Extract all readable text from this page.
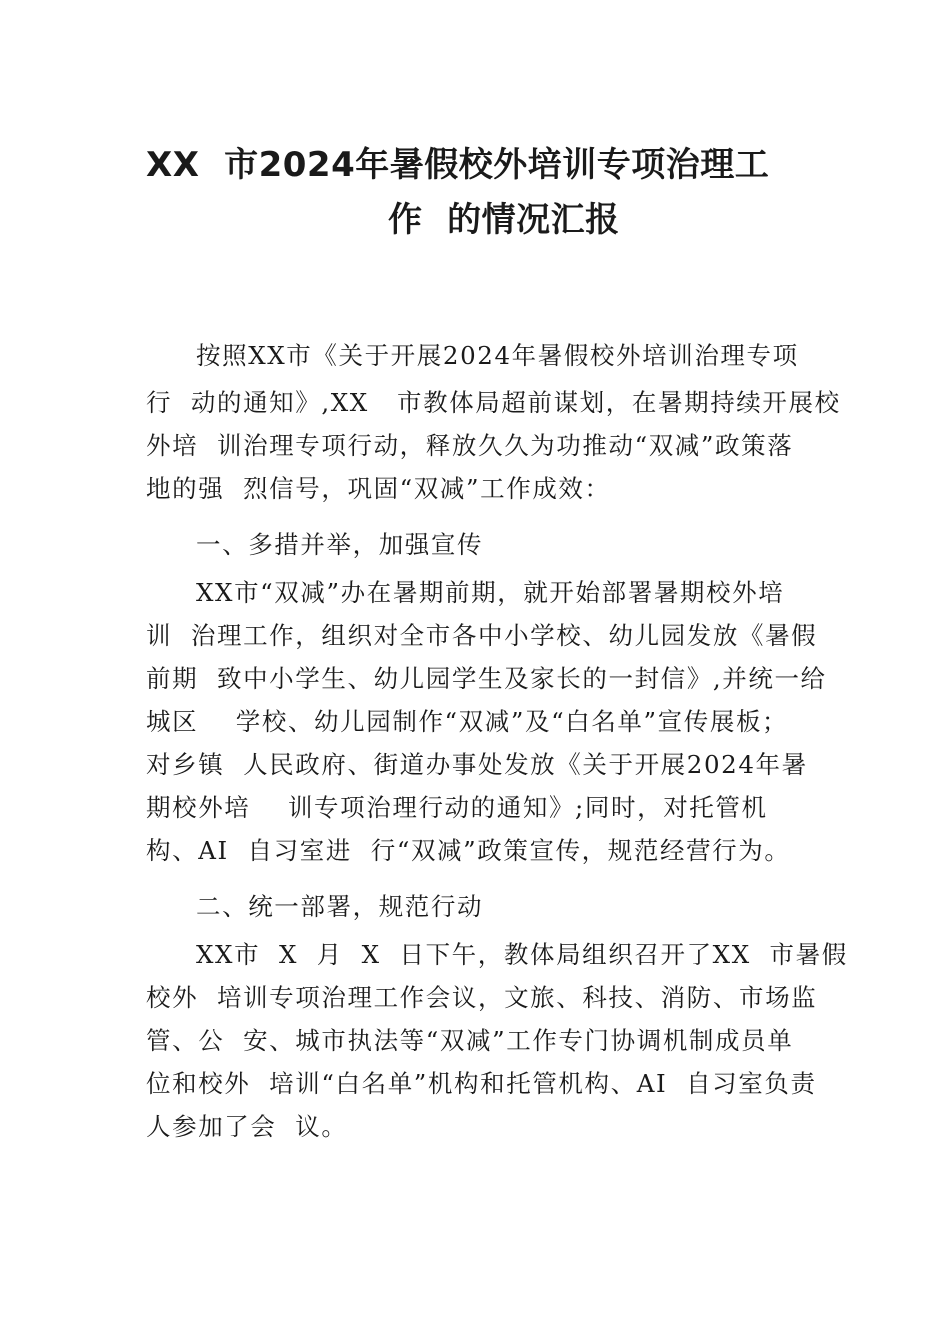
XX  市2024年暑假校外培训专项治理工
作  的情况汇报

按照XX市《关于开展2024年暑假校外培训治理专项

行  动的通知》,XX   市教体局超前谋划，在暑期持续开展校

外培  训治理专项行动，释放久久为功推动“双减”政策落

地的强  烈信号，巩固“双减”工作成效：

一、多措并举，加强宣传

XX市“双减”办在暑期前期，就开始部署暑期校外培

训  治理工作，组织对全市各中小学校、幼儿园发放《暑假

前期  致中小学生、幼儿园学生及家长的一封信》,并统一给

城区    学校、幼儿园制作“双减”及“白名单”宣传展板；

对乡镇  人民政府、街道办事处发放《关于开展2024年暑

期校外培    训专项治理行动的通知》;同时，对托管机

构、AI  自习室进  行“双减”政策宣传，规范经营行为。

二、统一部署，规范行动

XX市  X  月  X  日下午，教体局组织召开了XX  市暑假

校外  培训专项治理工作会议，文旅、科技、消防、市场监

管、公  安、城市执法等“双减”工作专门协调机制成员单

位和校外  培训“白名单”机构和托管机构、AI  自习室负责

人参加了会  议。
